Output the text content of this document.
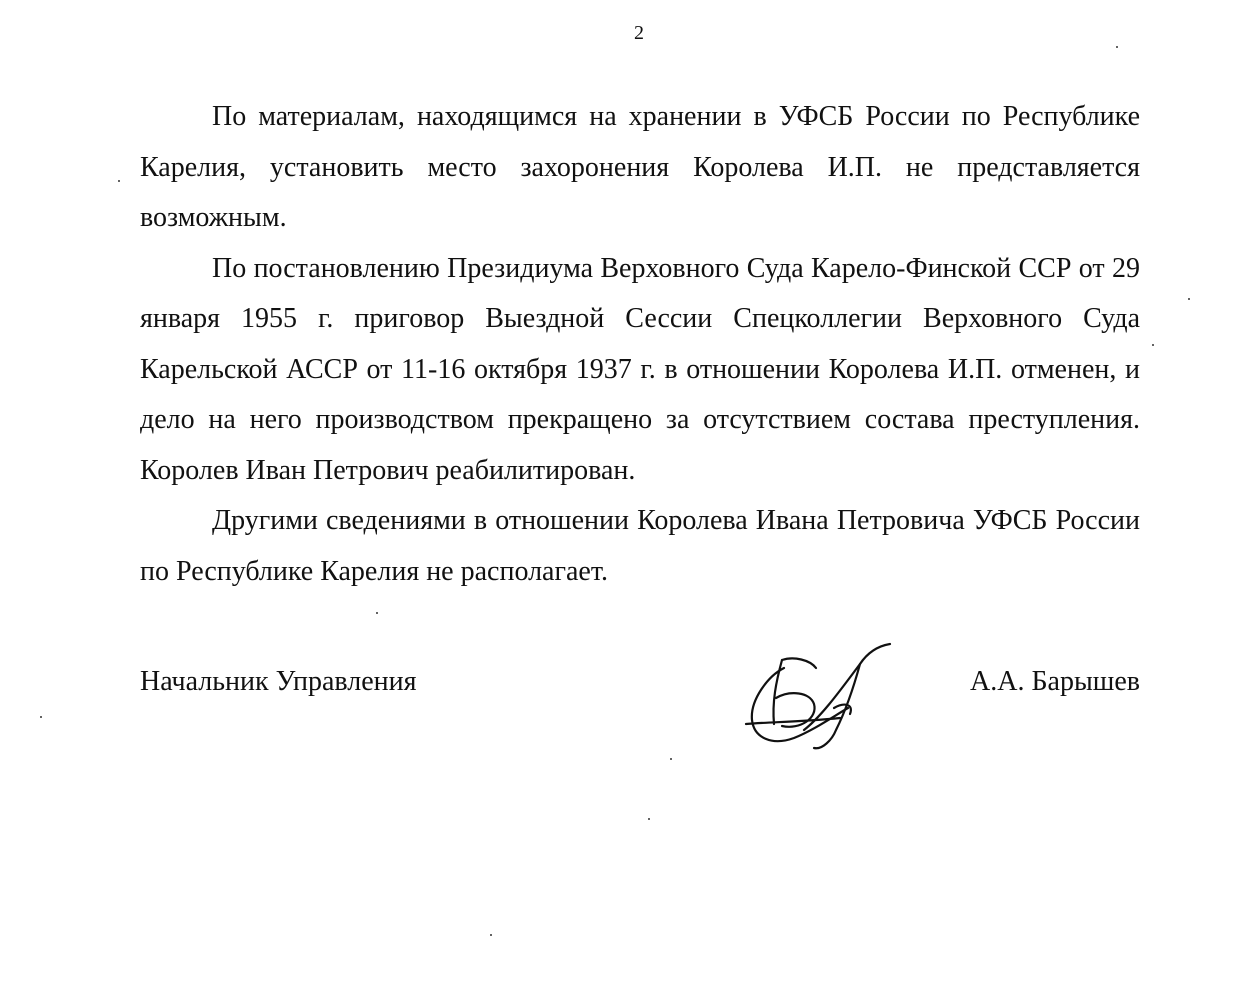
2

По материалам, находящимся на хранении в УФСБ России по Республике Карелия, установить место захоронения Королева И.П. не представляется возможным.

По постановлению Президиума Верховного Суда Карело-Финской ССР от 29 января 1955 г. приговор Выездной Сессии Спецколлегии Верховного Суда Карельской АССР от 11-16 октября 1937 г. в отношении Королева И.П. отменен, и дело на него производством прекращено за отсутствием состава преступления. Королев Иван Петрович реабилитирован.

Другими сведениями в отношении Королева Ивана Петровича УФСБ России по Республике Карелия не располагает.

Начальник Управления	А.А. Барышев
